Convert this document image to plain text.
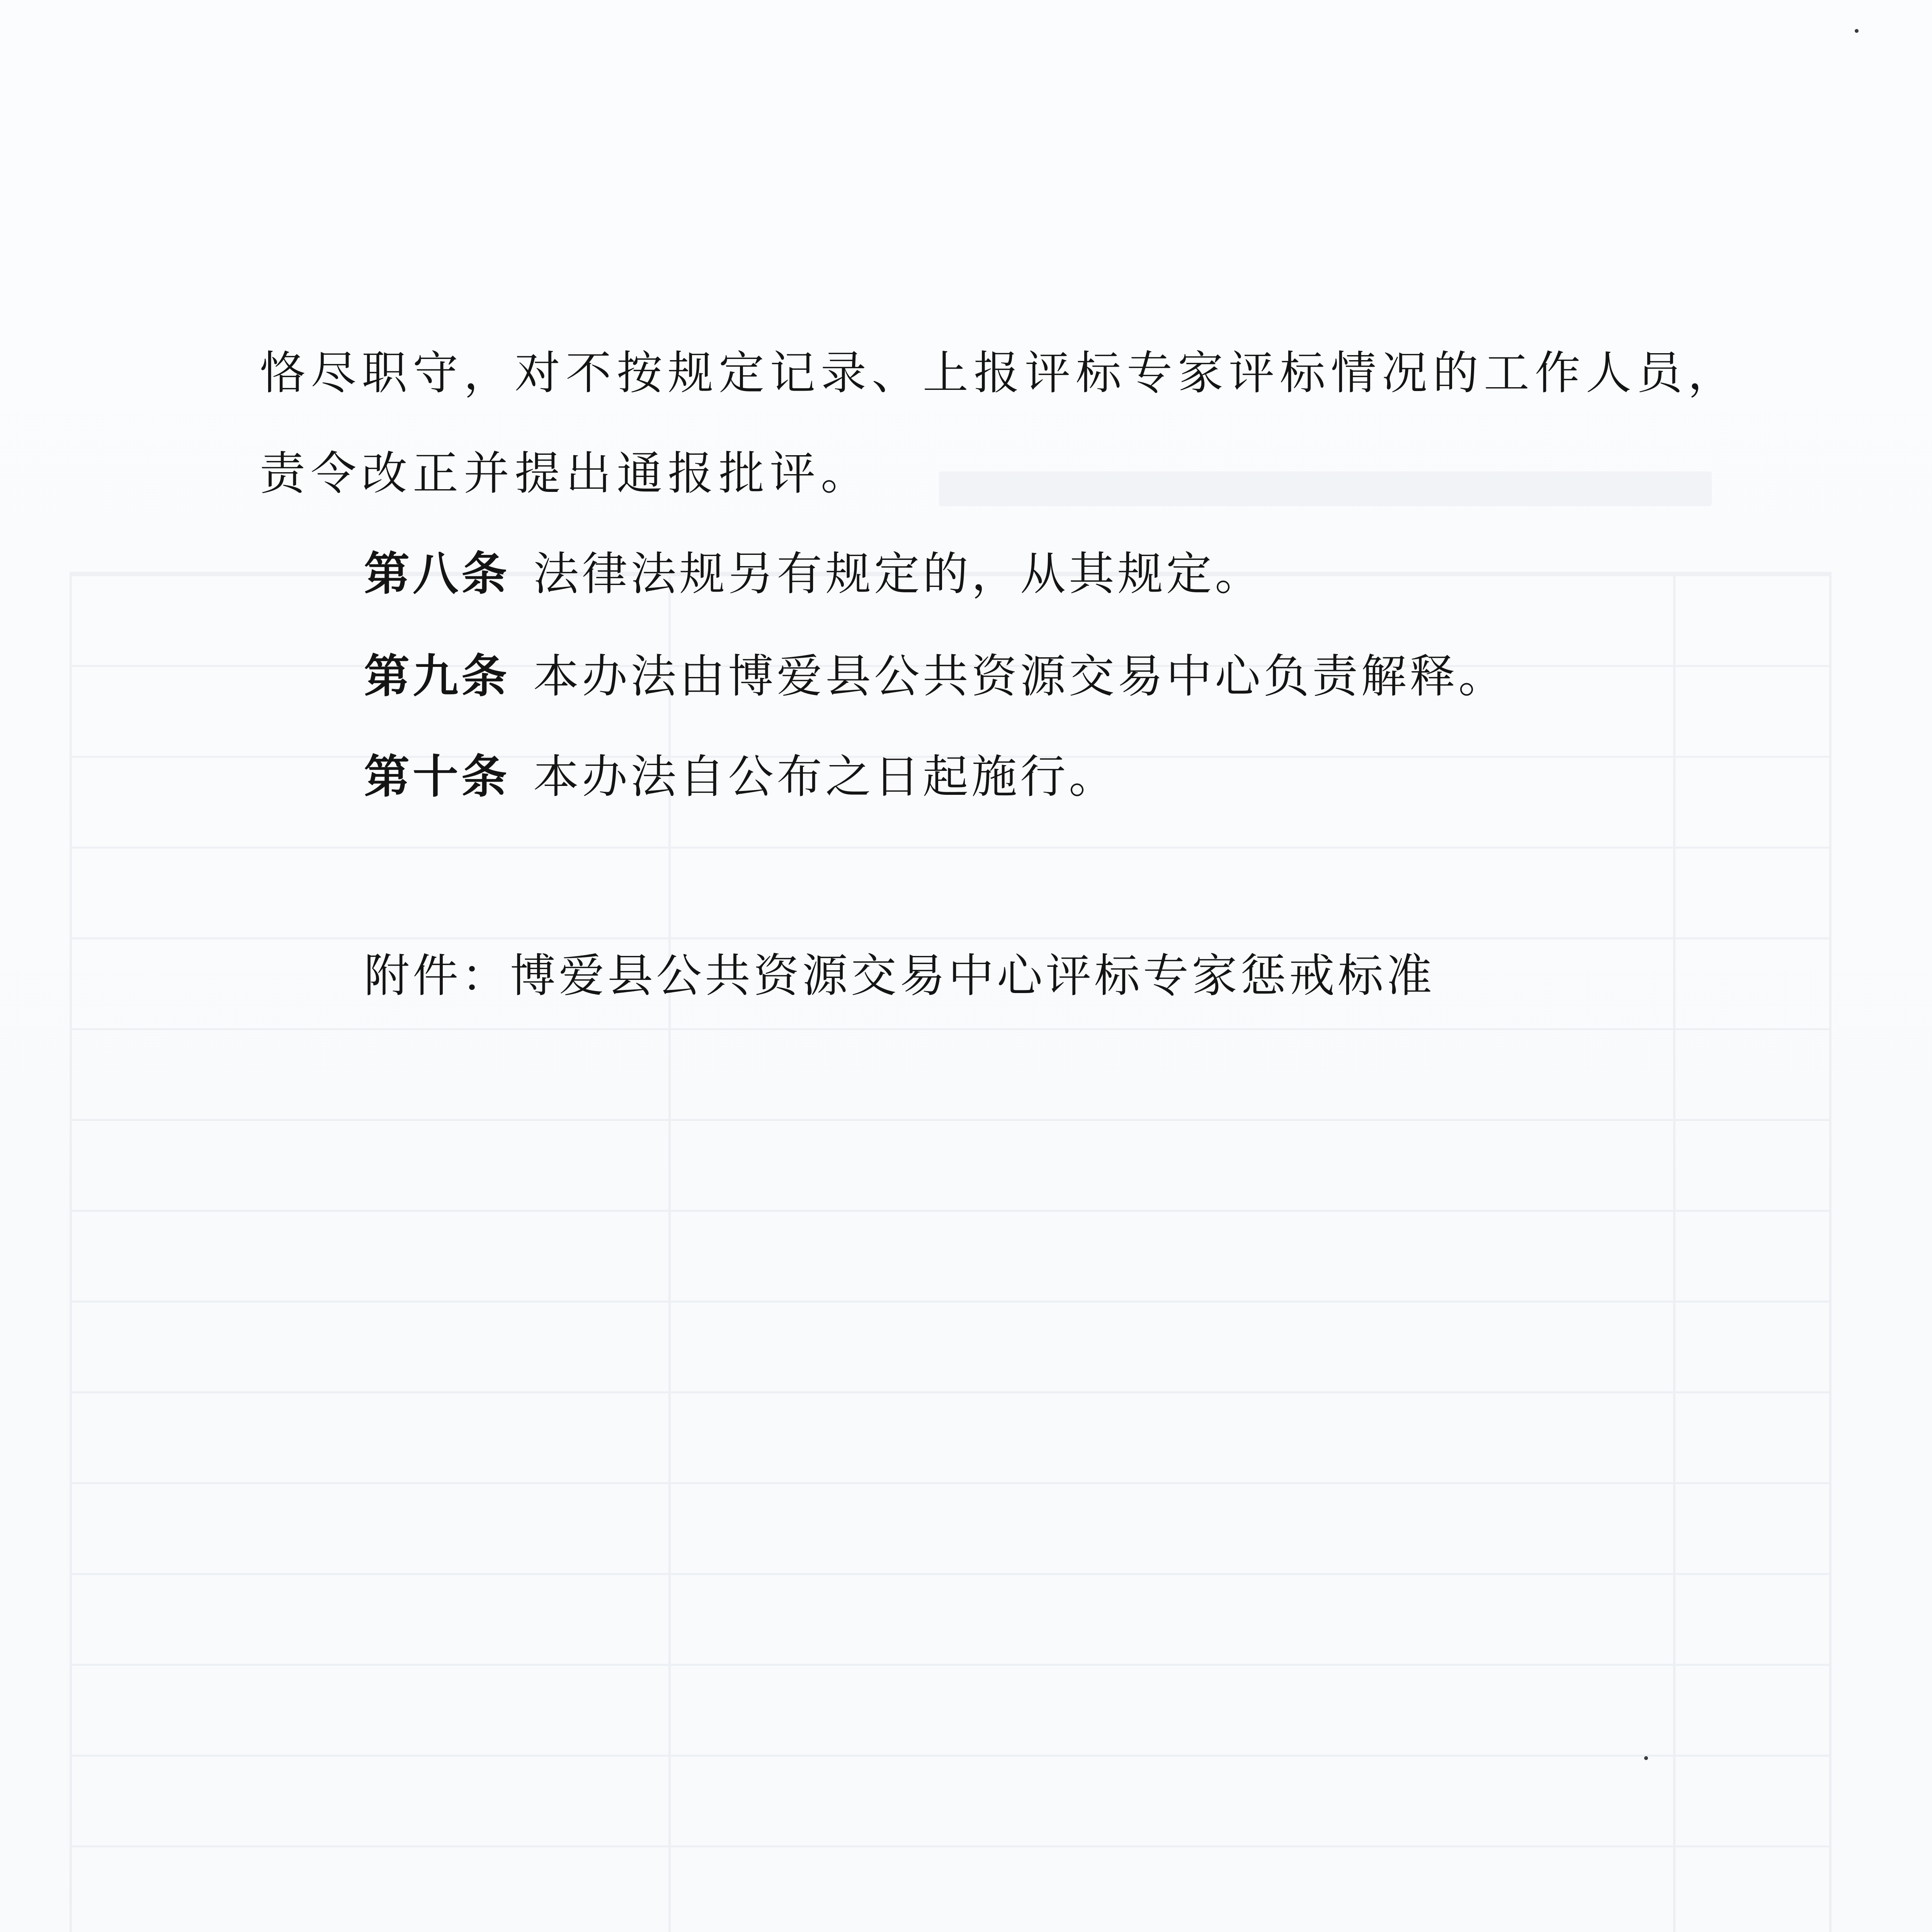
恪尽职守，对不按规定记录、上报评标专家评标情况的工作人员，
责令改正并提出通报批评。
第八条 法律法规另有规定的，从其规定。
第九条 本办法由博爱县公共资源交易中心负责解释。
第十条 本办法自公布之日起施行。
附件：博爱县公共资源交易中心评标专家惩戒标准
